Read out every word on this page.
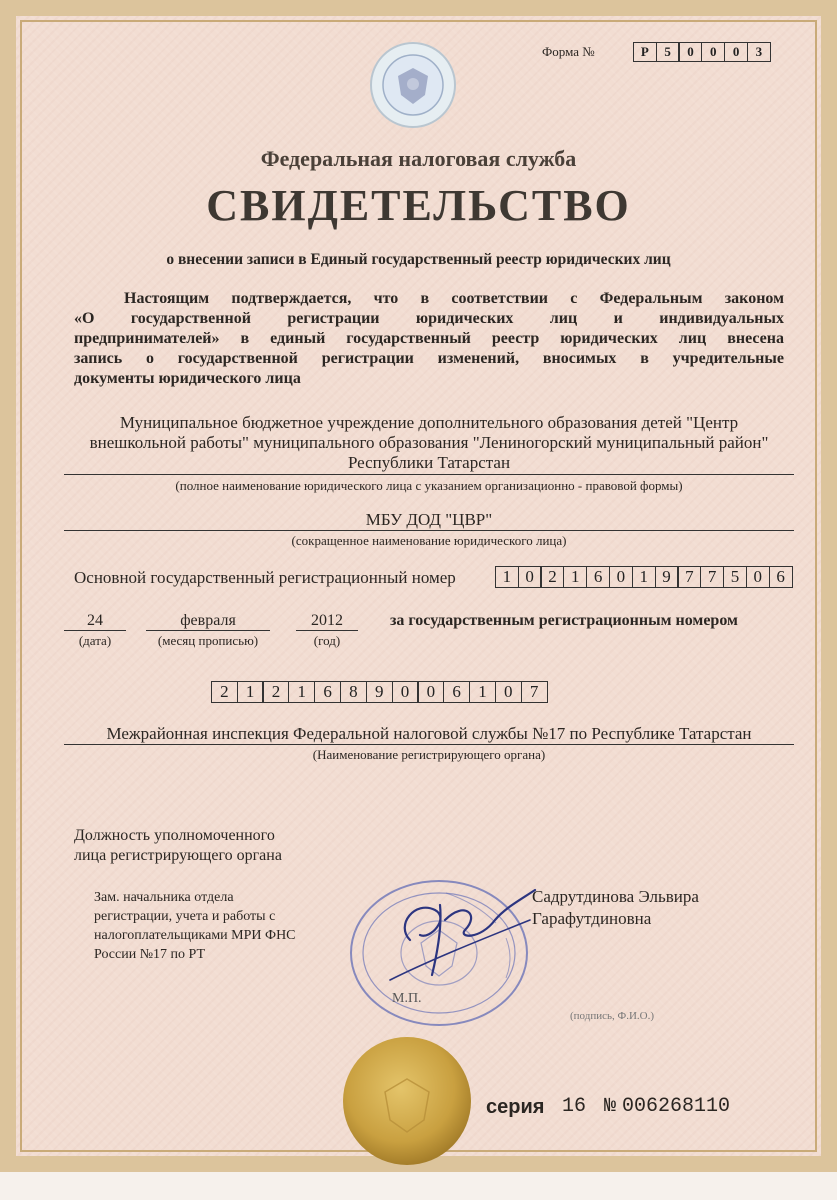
Форма №	Р	5	0	0	0	3
Федеральная налоговая служба
СВИДЕТЕЛЬСТВО
о внесении записи в Единый государственный реестр юридических лиц
Настоящим подтверждается, что в соответствии с Федеральным законом
«О государственной регистрации юридических лиц и индивидуальных
предпринимателей» в единый государственный реестр юридических лиц внесена
запись о государственной регистрации изменений, вносимых в учредительные
документы юридического лица
Муниципальное бюджетное учреждение дополнительного образования детей "Центр
внешкольной работы" муниципального образования "Лениногорский муниципальный район"
Республики Татарстан
(полное наименование юридического лица с указанием организационно - правовой формы)
МБУ ДОД "ЦВР"
(сокращенное наименование юридического лица)
Основной государственный регистрационный номер	1 0 2 1 6 0 1 9 7 7 5 0 6
24
(дата)
февраля
(месяц прописью)
2012
(год)
за государственным регистрационным номером
2	1	2	1	6	8	9	0	0	6	1	0	7
Межрайонная инспекция Федеральной налоговой службы №17 по Республике Татарстан
(Наименование регистрирующего органа)
Должность уполномоченного
лица регистрирующего органа
Зам. начальника отдела
регистрации, учета и работы с
налогоплательщиками МРИ ФНС
России №17 по РТ
М.П.
Садрутдинова Эльвира
Гарафутдиновна
(подпись, Ф.И.О.)
серия 16 № 006268110
